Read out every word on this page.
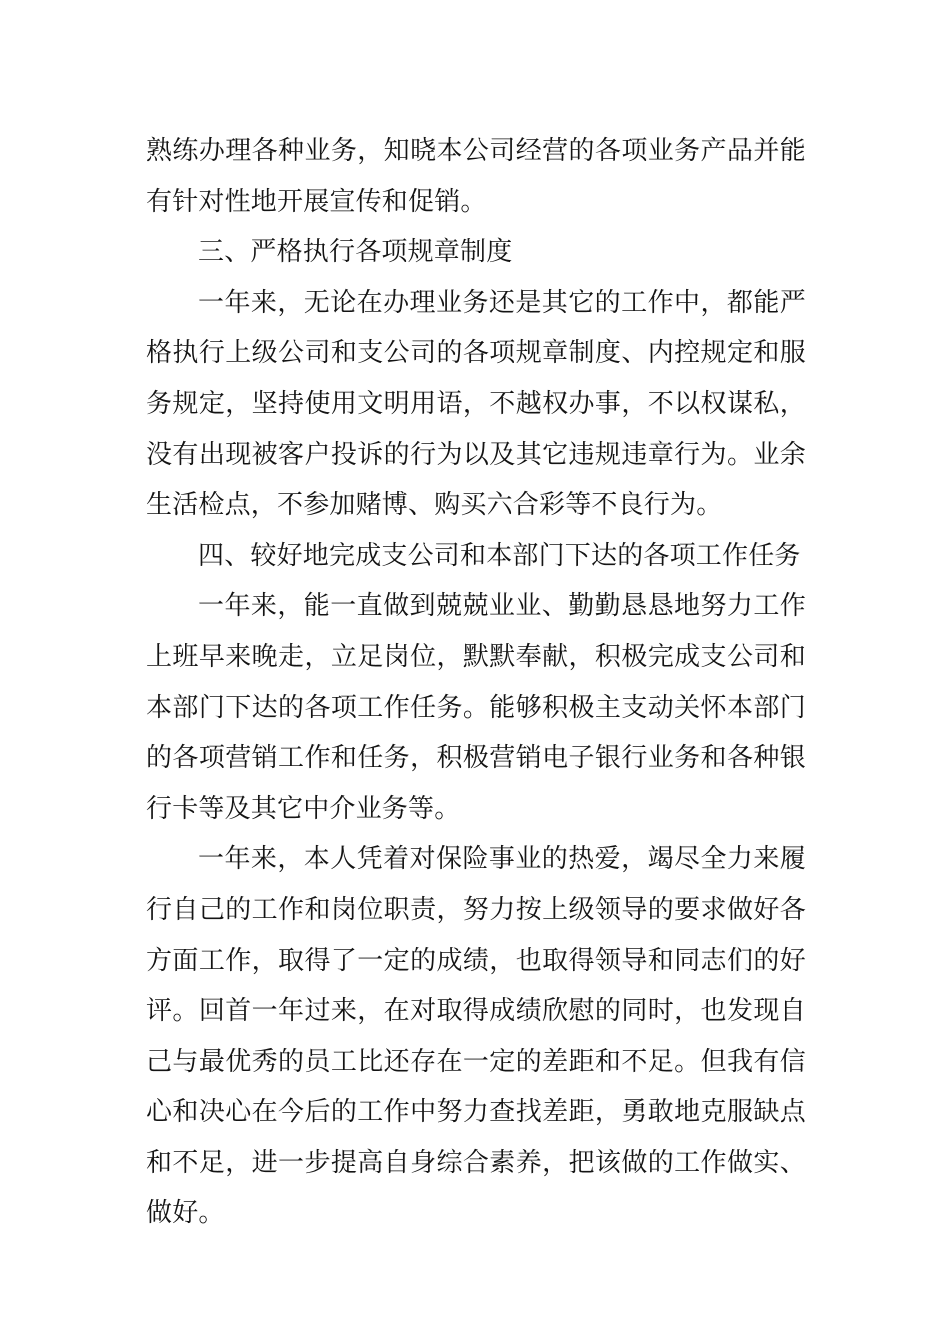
熟练办理各种业务，知晓本公司经营的各项业务产品并能有针对性地开展宣传和促销。

三、严格执行各项规章制度

一年来，无论在办理业务还是其它的工作中，都能严格执行上级公司和支公司的各项规章制度、内控规定和服务规定，坚持使用文明用语，不越权办事，不以权谋私，没有出现被客户投诉的行为以及其它违规违章行为。业余生活检点，不参加赌博、购买六合彩等不良行为。

四、较好地完成支公司和本部门下达的各项工作任务

一年来，能一直做到兢兢业业、勤勤恳恳地努力工作上班早来晚走，立足岗位，默默奉献，积极完成支公司和本部门下达的各项工作任务。能够积极主支动关怀本部门的各项营销工作和任务，积极营销电子银行业务和各种银行卡等及其它中介业务等。

一年来，本人凭着对保险事业的热爱，竭尽全力来履行自己的工作和岗位职责，努力按上级领导的要求做好各方面工作，取得了一定的成绩，也取得领导和同志们的好评。回首一年过来，在对取得成绩欣慰的同时，也发现自己与最优秀的员工比还存在一定的差距和不足。但我有信心和决心在今后的工作中努力查找差距，勇敢地克服缺点和不足，进一步提高自身综合素养，把该做的工作做实、做好。
